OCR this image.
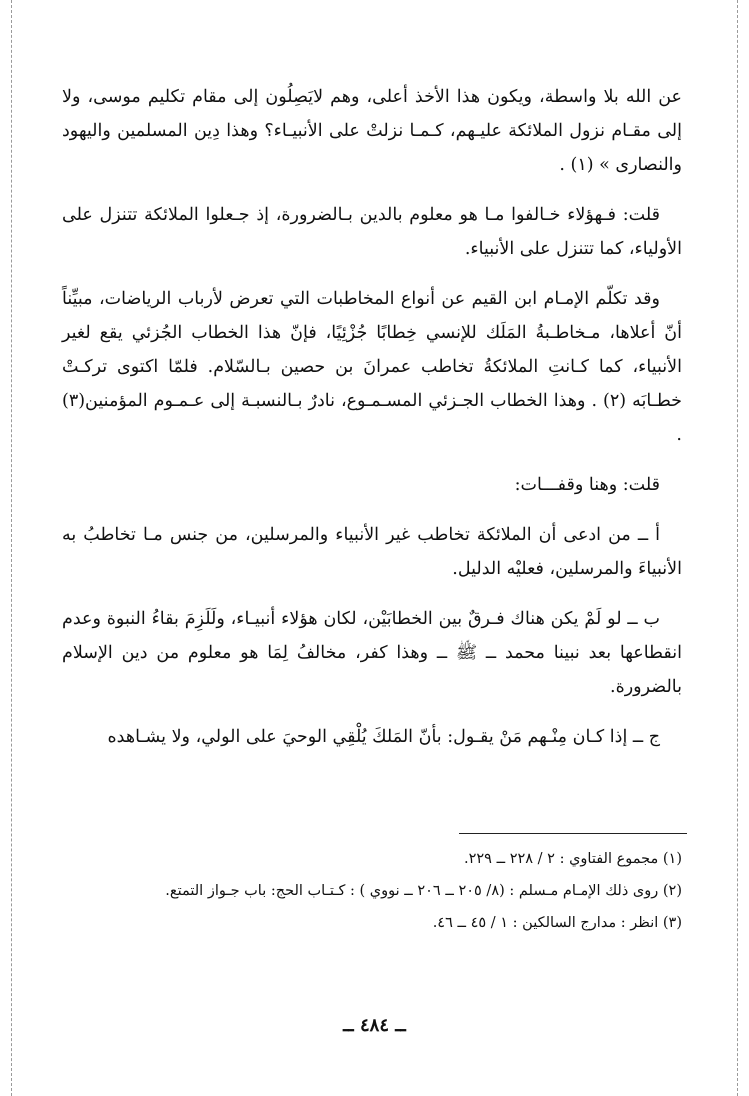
عن الله بلا واسطة، ويكون هذا الأخذ أعلى، وهم لايَصِلُون إلى مقام تكليم موسى، ولا إلى مقـام نزول الملائكة عليـهم، كـمـا نزلتْ على الأنبيـاء؟ وهذا دِين المسلمين واليهود والنصارى » (١) .

قلت: فـهؤلاء خـالفوا مـا هو معلوم بالدين بـالضرورة، إذ جـعلوا الملائكة تتنزل على الأولياء، كما تتنزل على الأنبياء.

وقد تكلّم الإمـام ابن القيم عن أنواع المخاطبات التي تعرض لأرباب الرياضات، مبيِّناً أنّ أعلاها، مـخاطـبةُ المَلَك للإنسي خِطابًا جُزْئِيًا، فإنّ هذا الخطاب الجُزئي يقع لغير الأنبياء، كما كـانتِ الملائكةُ تخاطب عمرانَ بن حصين بـالسّلام. فلمّا اكتوى تركـتْ خطـابَه (٢) . وهذا الخطاب الجـزئي المسـمـوع، نادرٌ بـالنسبـة إلى عـمـوم المؤمنين(٣) .

قلت: وهنا وقفـــات:

أ ــ من ادعى أن الملائكة تخاطب غير الأنبياء والمرسلين، من جنس مـا تخاطبُ به الأنبياءَ والمرسلين، فعليْه الدليل.

ب ــ لو لَمْ يكن هناك فـرقٌ بين الخطابَيْن، لكان هؤلاء أنبيـاء، ولَلَزِمَ بقاءُ النبوة وعدم انقطاعها بعد نبينا محمد ــ ﷺ ــ وهذا كفر، مخالفُ لِمَا هو معلوم من دين الإسلام بالضرورة.

ج ــ إذا كـان مِنْـهم مَنْ يقـول: بأنّ المَلكَ يُلْقِي الوحيَ على الولي، ولا يشـاهده

(١) مجموع الفتاوي : ٢ / ٢٢٨ ــ ٢٢٩.

(٢) روى ذلك الإمـام مـسلم : (٨/ ٢٠٥ ــ ٢٠٦ ــ نووي ) : كـتـاب الحج: باب جـواز التمتع.

(٣) انظر : مدارج السالكين : ١ / ٤٥ ــ ٤٦.

ــ ٤٨٤ ــ
